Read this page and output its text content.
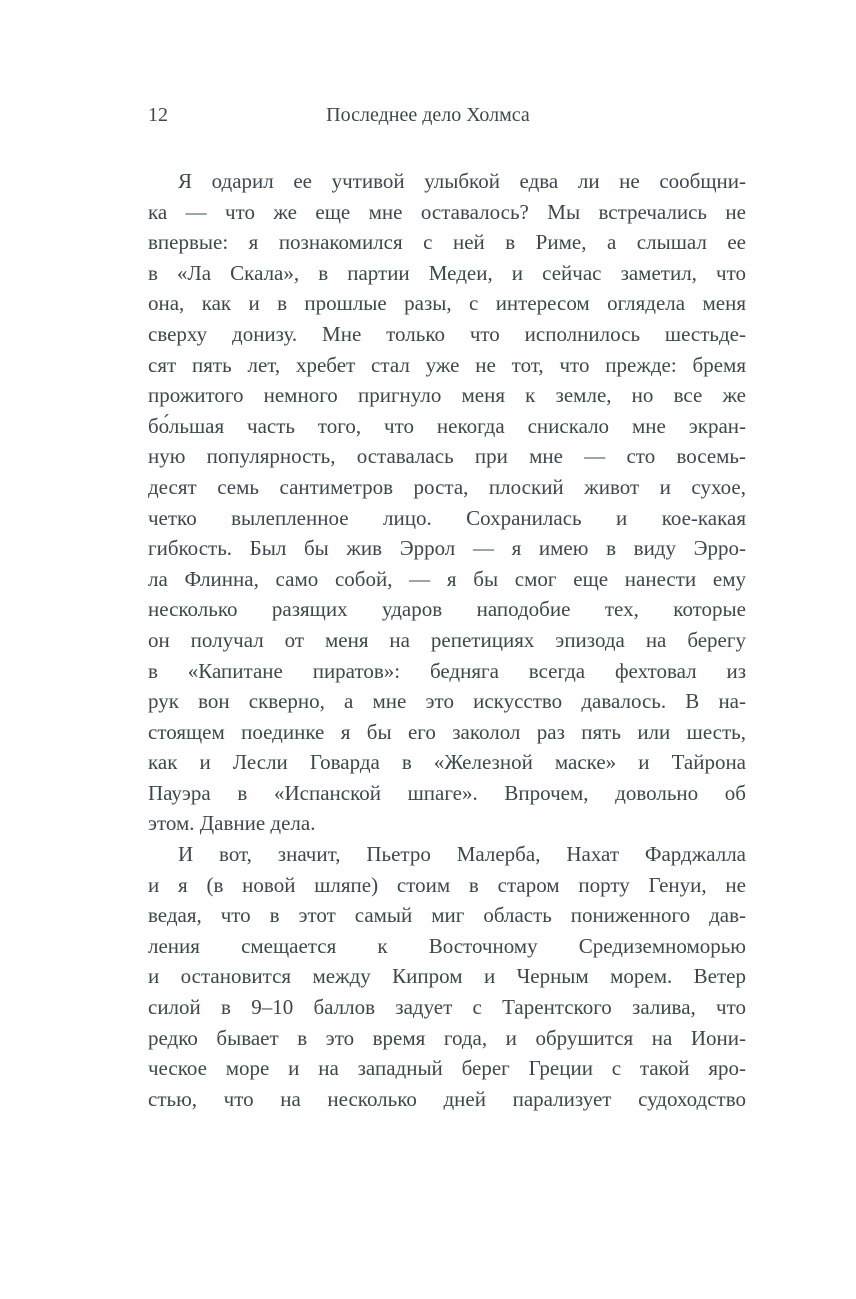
12	Последнее дело Холмса
Я одарил ее учтивой улыбкой едва ли не сообщни-
ка — что же еще мне оставалось? Мы встречались не
впервые: я познакомился с ней в Риме, а слышал ее
в «Ла Скала», в партии Медеи, и сейчас заметил, что
она, как и в прошлые разы, с интересом оглядела меня
сверху донизу. Мне только что исполнилось шестьде-
сят пять лет, хребет стал уже не тот, что прежде: бремя
прожитого немного пригнуло меня к земле, но все же
бо́льшая часть того, что некогда снискало мне экран-
ную популярность, оставалась при мне — сто восемь-
десят семь сантиметров роста, плоский живот и сухое,
четко вылепленное лицо. Сохранилась и кое-какая
гибкость. Был бы жив Эррол — я имею в виду Эрро-
ла Флинна, само собой, — я бы смог еще нанести ему
несколько разящих ударов наподобие тех, которые
он получал от меня на репетициях эпизода на берегу
в «Капитане пиратов»: бедняга всегда фехтовал из
рук вон скверно, а мне это искусство давалось. В на-
стоящем поединке я бы его заколол раз пять или шесть,
как и Лесли Говарда в «Железной маске» и Тайрона
Пауэра в «Испанской шпаге». Впрочем, довольно об
этом. Давние дела.
И вот, значит, Пьетро Малерба, Нахат Фарджалла
и я (в новой шляпе) стоим в старом порту Генуи, не
ведая, что в этот самый миг область пониженного дав-
ления смещается к Восточному Средиземноморью
и остановится между Кипром и Черным морем. Ветер
силой в 9–10 баллов задует с Тарентского залива, что
редко бывает в это время года, и обрушится на Иони-
ческое море и на западный берег Греции с такой яро-
стью, что на несколько дней парализует судоходство
